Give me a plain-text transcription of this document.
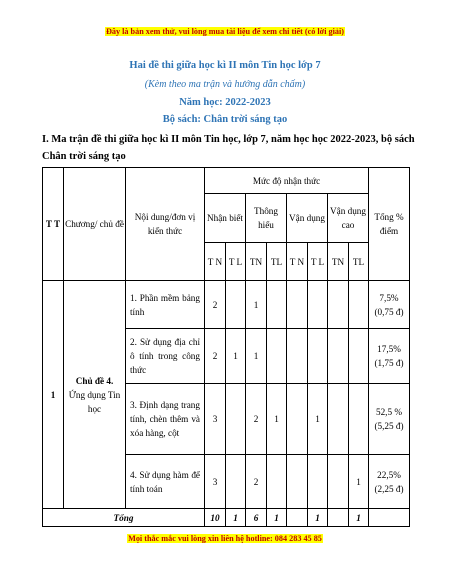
Đây là bản xem thử, vui lòng mua tài liệu để xem chi tiết (có lời giải)
Hai đề thi giữa học kì II môn Tin học lớp 7
(Kèm theo ma trận và hướng dẫn chấm)
Năm học: 2022-2023
Bộ sách: Chân trời sáng tạo
I. Ma trận đề thi giữa học kì II môn Tin học, lớp 7, năm học học 2022-2023, bộ sách Chân trời sáng tạo
T T	Chương/ chủ đề	Nội dung/đơn vị kiến thức	Mức độ nhận thức								Tổng % điểm
			Nhận biết		Thông hiểu		Vận dụng		Vận dụng cao		
			T N	T L	TN	TL	T N	T L	TN	TL	
1	Chủ đề 4.
Ứng dụng Tin học	1. Phần mềm bảng tính	2		1						7,5% (0,75 đ)
		2. Sử dụng địa chỉ ô tính trong công thức	2	1	1						17,5% (1,75 đ)
		3. Định dạng trang tính, chèn thêm và xóa hàng, cột	3		2	1		1			52,5 % (5,25 đ)
		4. Sử dụng hàm để tính toán	3		2					1	22,5% (2,25 đ)
Tổng			10	1	6	1		1		1	
Mọi thắc mắc vui lòng xin liên hệ hotline: 084 283 45 85
